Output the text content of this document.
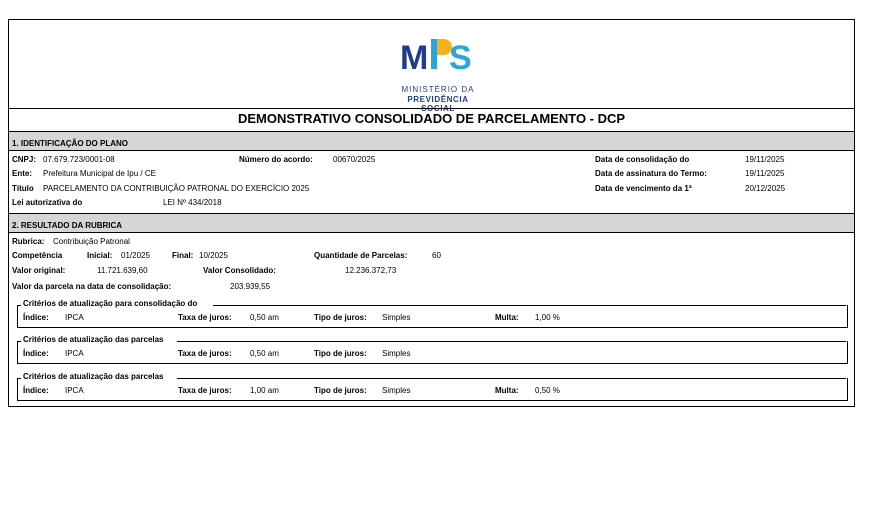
M S
MINISTÉRIO DA
PREVIDÊNCIA SOCIAL
DEMONSTRATIVO CONSOLIDADO DE PARCELAMENTO - DCP
1. IDENTIFICAÇÃO DO PLANO
CNPJ: 07.679.723/0001-08	Número do acordo:	00670/2025	Data de consolidação do	19/11/2025
Ente: Prefeitura Municipal de Ipu / CE	Data de assinatura do Termo:	19/11/2025
Título PARCELAMENTO DA CONTRIBUIÇÃO PATRONAL DO EXERCÍCIO 2025	Data de vencimento da 1ª	20/12/2025
Lei autorizativa do	LEI Nº 434/2018
2. RESULTADO DA RUBRICA
Rubrica: Contribuição Patronal
Competência	Inicial: 01/2025	Final: 10/2025	Quantidade de Parcelas:	60
Valor original:	11.721.639,60	Valor Consolidado:	12.236.372,73
Valor da parcela na data de consolidação:	203.939,55
Critérios de atualização para consolidação do
Índice: IPCA	Taxa de juros: 0,50 am	Tipo de juros: Simples	Multa: 1,00 %
Critérios de atualização das parcelas
Índice: IPCA	Taxa de juros: 0,50 am	Tipo de juros: Simples
Critérios de atualização das parcelas
Índice: IPCA	Taxa de juros: 1,00 am	Tipo de juros: Simples	Multa: 0,50 %
